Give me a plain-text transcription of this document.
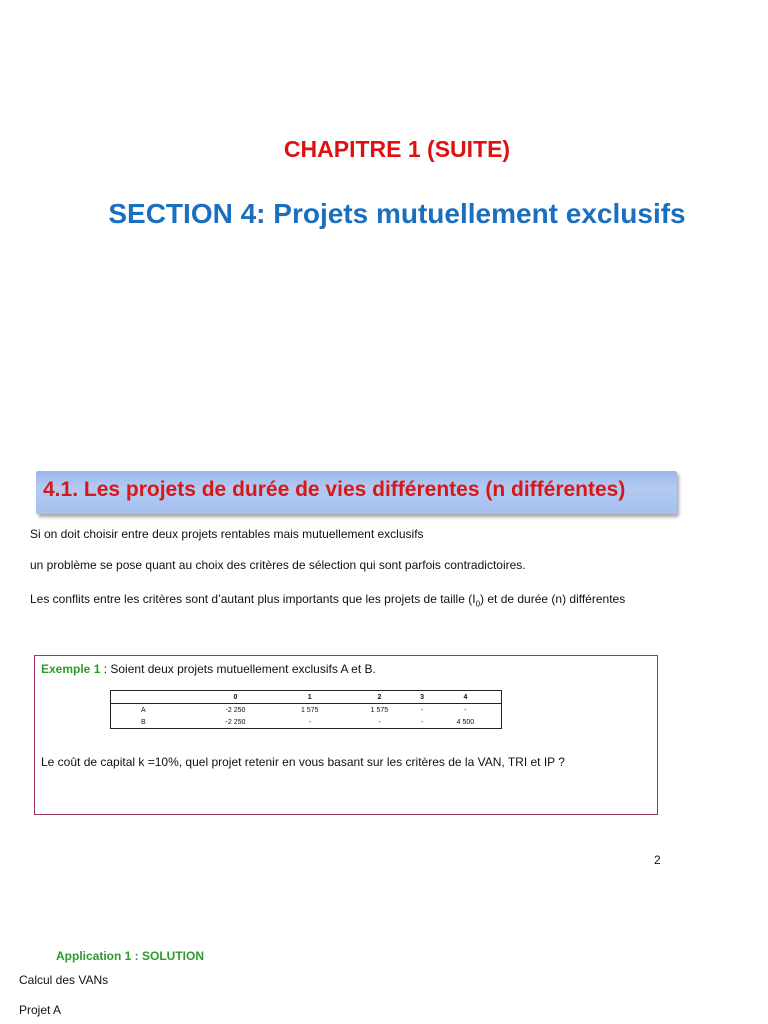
CHAPITRE 1 (SUITE)
SECTION 4: Projets mutuellement exclusifs
4.1. Les projets de durée de vies différentes (n différentes)
Si on doit choisir entre deux projets rentables mais mutuellement exclusifs
un problème se pose quant au choix des critères de sélection qui sont parfois contradictoires.
Les conflits entre les critères sont d’autant plus importants que les projets de taille $(I_0)$ et de durée (n) différentes
Exemple 1 : Soient deux projets mutuellement exclusifs A et B.
	0	1	2	3	4
A	-2 250	1 575	1 575	-	-
B	-2 250	-	-	-	4 500
Le coût de capital k =10%, quel projet retenir en vous basant sur les critères de la VAN, TRI et IP ?
2
Application 1 : SOLUTION
Calcul des VANs
Projet A
